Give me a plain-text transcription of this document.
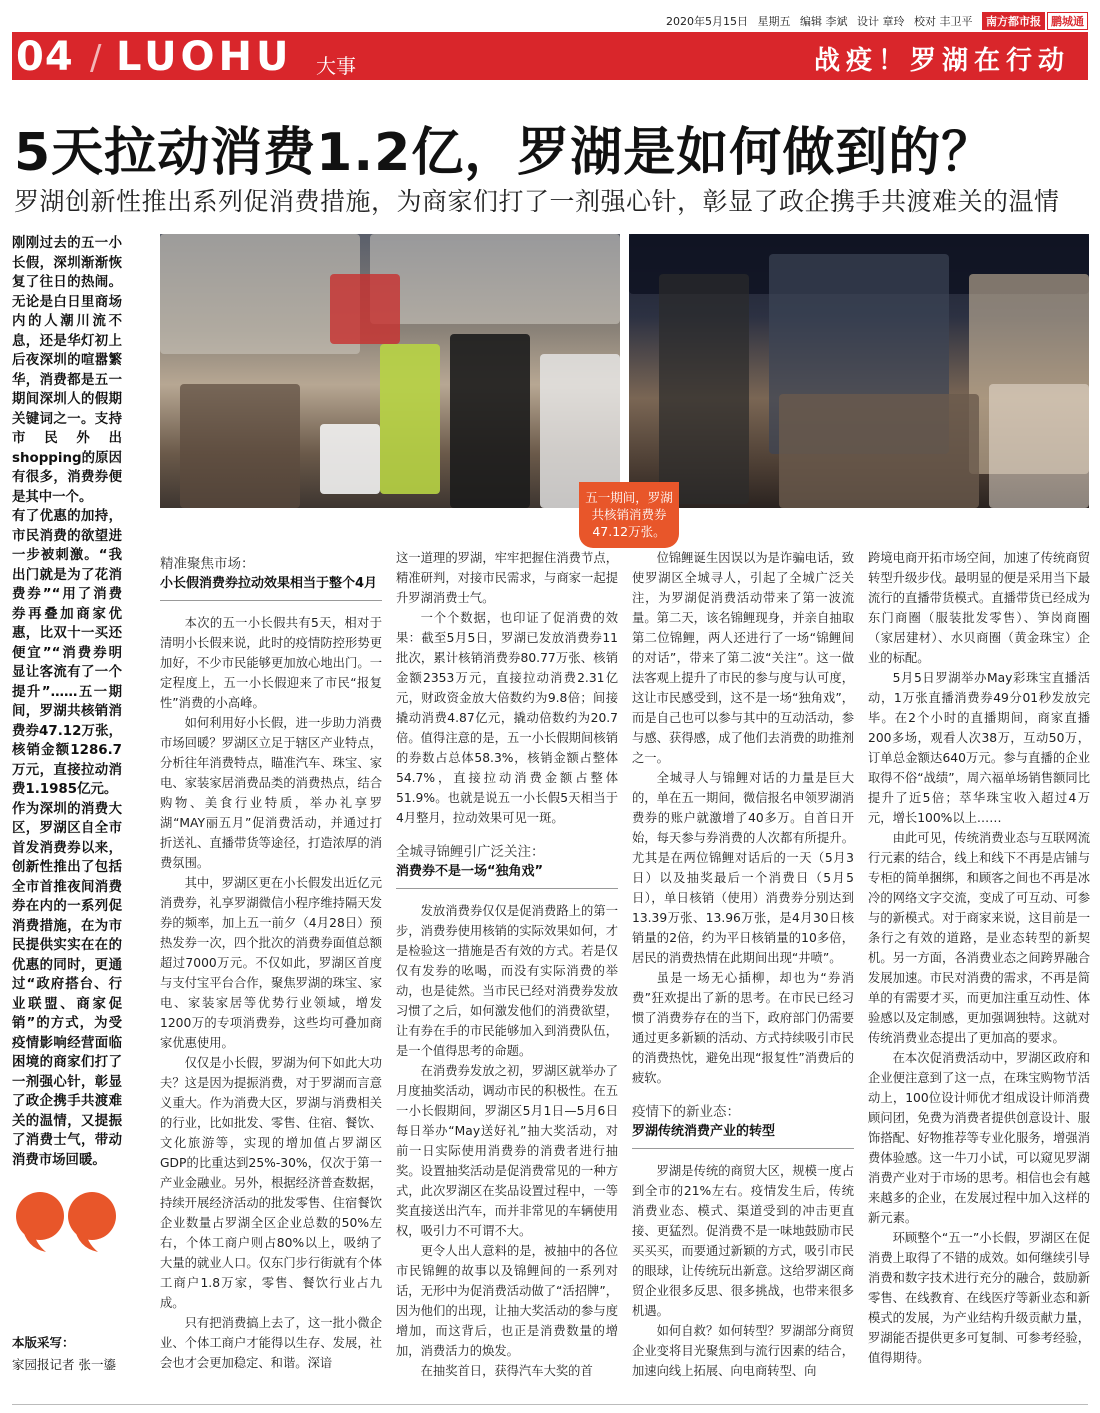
2020年5月15日 星期五 编辑 李斌 设计 章玲 校对 丰卫平 南方都市报 鹏城通
04 / LUOHU 大事	战疫！罗湖在行动
5天拉动消费1.2亿，罗湖是如何做到的？
罗湖创新性推出系列促消费措施，为商家们打了一剂强心针，彰显了政企携手共渡难关的温情

刚刚过去的五一小长假，深圳渐渐恢复了往日的热闹。无论是白日里商场内的人潮川流不息，还是华灯初上后夜深圳的喧嚣繁华，消费都是五一期间深圳人的假期关键词之一。支持市民外出shopping的原因有很多，消费券便是其中一个。

有了优惠的加持，市民消费的欲望进一步被刺激。“我出门就是为了花消费券”“用了消费券再叠加商家优惠，比双十一买还便宜”“消费券明显让客流有了一个提升”……五一期间，罗湖共核销消费券47.12万张，核销金额1286.7万元，直接拉动消费1.1985亿元。

作为深圳的消费大区，罗湖区自全市首发消费券以来，创新性推出了包括全市首推夜间消费券在内的一系列促消费措施，在为市民提供实实在在的优惠的同时，更通过“政府搭台、行业联盟、商家促销”的方式，为受疫情影响经营面临困境的商家们打了一剂强心针，彰显了政企携手共渡难关的温情，又提振了消费士气，带动消费市场回暖。

本版采写：
家园报记者 张一鎏
五一期间，罗湖共核销消费券47.12万张。
精准聚焦市场：
小长假消费券拉动效果相当于整个4月

本次的五一小长假共有5天，相对于清明小长假来说，此时的疫情防控形势更加好，不少市民能够更加放心地出门。一定程度上，五一小长假迎来了市民“报复性”消费的小高峰。

如何利用好小长假，进一步助力消费市场回暖？罗湖区立足于辖区产业特点，分析往年消费特点，瞄准汽车、珠宝、家电、家装家居消费品类的消费热点，结合购物、美食行业特质，举办礼享罗湖“MAY丽五月”促消费活动，并通过打折送礼、直播带货等途径，打造浓厚的消费氛围。

其中，罗湖区更在小长假发出近亿元消费券，礼享罗湖微信小程序维持隔天发券的频率，加上五一前夕（4月28日）预热发券一次，四个批次的消费券面值总额超过7000万元。不仅如此，罗湖区首度与支付宝平台合作，聚焦罗湖的珠宝、家电、家装家居等优势行业领域，增发1200万的专项消费券，这些均可叠加商家优惠使用。

仅仅是小长假，罗湖为何下如此大功夫？这是因为提振消费，对于罗湖而言意义重大。作为消费大区，罗湖与消费相关的行业，比如批发、零售、住宿、餐饮、文化旅游等，实现的增加值占罗湖区GDP的比重达到25%-30%，仅次于第一产业金融业。另外，根据经济普查数据，持续开展经济活动的批发零售、住宿餐饮企业数量占罗湖全区企业总数的50%左右，个体工商户则占80%以上，吸纳了大量的就业人口。仅东门步行街就有个体工商户1.8万家，零售、餐饮行业占九成。

只有把消费搞上去了，这一批小微企业、个体工商户才能得以生存、发展，社会也才会更加稳定、和谐。深谙

这一道理的罗湖，牢牢把握住消费节点，精准研判，对接市民需求，与商家一起提升罗湖消费士气。

一个个数据，也印证了促消费的效果：截至5月5日，罗湖已发放消费券11批次，累计核销消费券80.77万张、核销金额2353万元，直接拉动消费2.31亿元，财政资金放大倍数约为9.8倍；间接撬动消费4.87亿元，撬动倍数约为20.7倍。值得注意的是，五一小长假期间核销的券数占总体58.3%，核销金额占整体54.7%，直接拉动消费金额占整体51.9%。也就是说五一小长假5天相当于4月整月，拉动效果可见一斑。

全城寻锦鲤引广泛关注：
消费券不是一场“独角戏”

发放消费券仅仅是促消费路上的第一步，消费券使用核销的实际效果如何，才是检验这一措施是否有效的方式。若是仅仅有发券的吆喝，而没有实际消费的举动，也是徒然。当市民已经对消费券发放习惯了之后，如何激发他们的消费欲望，让有券在手的市民能够加入到消费队伍，是一个值得思考的命题。

在消费券发放之初，罗湖区就举办了月度抽奖活动，调动市民的积极性。在五一小长假期间，罗湖区5月1日—5月6日每日举办“May送好礼”抽大奖活动，对前一日实际使用消费券的消费者进行抽奖。设置抽奖活动是促消费常见的一种方式，此次罗湖区在奖品设置过程中，一等奖直接送出汽车，而并非常见的车辆使用权，吸引力不可谓不大。

更令人出人意料的是，被抽中的各位市民锦鲤的故事以及锦鲤间的一系列对话，无形中为促消费活动做了“活招牌”，因为他们的出现，让抽大奖活动的参与度增加，而这背后，也正是消费数量的增加，消费活力的焕发。

在抽奖首日，获得汽车大奖的首

位锦鲤诞生因误以为是诈骗电话，致使罗湖区全城寻人，引起了全城广泛关注，为罗湖促消费活动带来了第一波流量。第二天，该名锦鲤现身，并亲自抽取第二位锦鲤，两人还进行了一场“锦鲤间的对话”，带来了第二波“关注”。这一做法客观上提升了市民的参与度与认可度，这让市民感受到，这不是一场“独角戏”，而是自己也可以参与其中的互动活动，参与感、获得感，成了他们去消费的助推剂之一。

全城寻人与锦鲤对话的力量是巨大的，单在五一期间，微信报名申领罗湖消费券的账户就激增了40多万。自首日开始，每天参与券消费的人次都有所提升。尤其是在两位锦鲤对话后的一天（5月3日）以及抽奖最后一个消费日（5月5日），单日核销（使用）消费券分别达到13.39万张、13.96万张，是4月30日核销量的2倍，约为平日核销量的10多倍，居民的消费热情在此期间出现“井喷”。

虽是一场无心插柳，却也为“券消费”狂欢提出了新的思考。在市民已经习惯了消费券存在的当下，政府部门仍需要通过更多新颖的活动、方式持续吸引市民的消费热忱，避免出现“报复性”消费后的疲软。

疫情下的新业态：
罗湖传统消费产业的转型

罗湖是传统的商贸大区，规模一度占到全市的21%左右。疫情发生后，传统消费业态、模式、渠道受到的冲击更直接、更猛烈。促消费不是一味地鼓励市民买买买，而要通过新颖的方式，吸引市民的眼球，让传统玩出新意。这给罗湖区商贸企业很多反思、很多挑战，也带来很多机遇。

如何自救？如何转型？罗湖部分商贸企业变将目光聚焦到与流行因素的结合，加速向线上拓展、向电商转型、向

跨境电商开拓市场空间，加速了传统商贸转型升级步伐。最明显的便是采用当下最流行的直播带货模式。直播带货已经成为东门商圈（服装批发零售）、笋岗商圈（家居建材）、水贝商圈（黄金珠宝）企业的标配。

5月5日罗湖举办May彩珠宝直播活动，1万张直播消费券49分01秒发放完毕。在2个小时的直播期间，商家直播200多场，观看人次38万，互动50万，订单总金额达640万元。参与直播的企业取得不俗“战绩”，周六福单场销售额同比提升了近5倍；萃华珠宝收入超过4万元，增长100%以上……

由此可见，传统消费业态与互联网流行元素的结合，线上和线下不再是店铺与专柜的简单捆绑，和顾客之间也不再是冰冷的网络文字交流，变成了可互动、可参与的新模式。对于商家来说，这目前是一条行之有效的道路，是业态转型的新契机。另一方面，各消费业态之间跨界融合发展加速。市民对消费的需求，不再是简单的有需要才买，而更加注重互动性、体验感以及定制感，更加强调独特。这就对传统消费业态提出了更加高的要求。

在本次促消费活动中，罗湖区政府和企业便注意到了这一点，在珠宝购物节活动上，100位设计师优才组成设计师消费顾问团，免费为消费者提供创意设计、服饰搭配、好物推荐等专业化服务，增强消费体验感。这一牛刀小试，可以窥见罗湖消费产业对于市场的思考。相信也会有越来越多的企业，在发展过程中加入这样的新元素。

环顾整个“五一”小长假，罗湖区在促消费上取得了不错的成效。如何继续引导消费和数字技术进行充分的融合，鼓励新零售、在线教育、在线医疗等新业态和新模式的发展，为产业结构升级贡献力量，罗湖能否提供更多可复制、可参考经验，值得期待。
